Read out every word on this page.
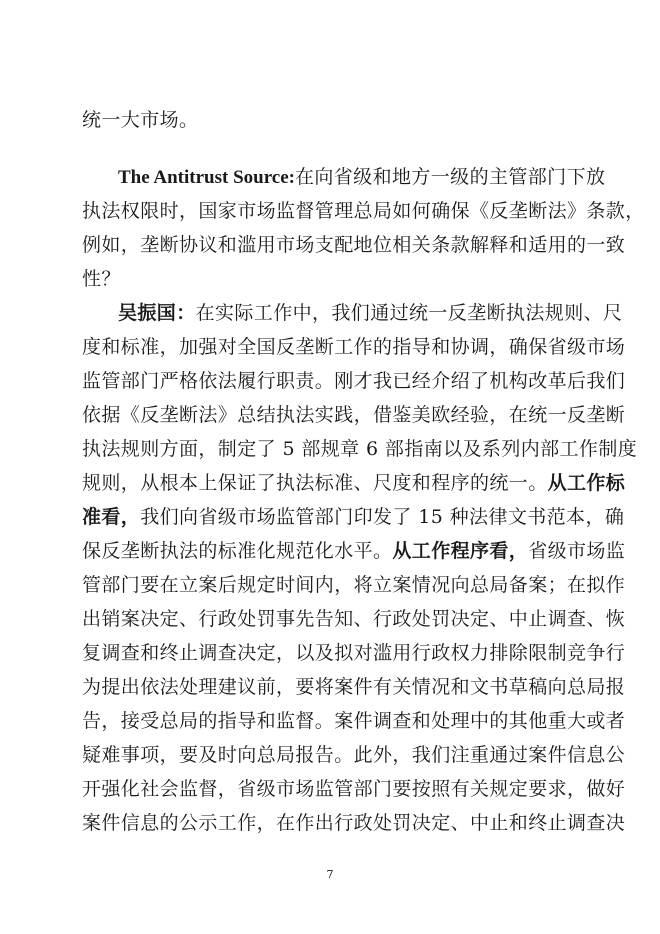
统一大市场。
The Antitrust Source:在向省级和地方一级的主管部门下放
执法权限时，国家市场监督管理总局如何确保《反垄断法》条款，
例如，垄断协议和滥用市场支配地位相关条款解释和适用的一致
性？
吴振国：在实际工作中，我们通过统一反垄断执法规则、尺
度和标准，加强对全国反垄断工作的指导和协调，确保省级市场
监管部门严格依法履行职责。刚才我已经介绍了机构改革后我们
依据《反垄断法》总结执法实践，借鉴美欧经验，在统一反垄断
执法规则方面，制定了 5 部规章 6 部指南以及系列内部工作制度
规则，从根本上保证了执法标准、尺度和程序的统一。从工作标
准看，我们向省级市场监管部门印发了 15 种法律文书范本，确
保反垄断执法的标准化规范化水平。从工作程序看，省级市场监
管部门要在立案后规定时间内，将立案情况向总局备案；在拟作
出销案决定、行政处罚事先告知、行政处罚决定、中止调查、恢
复调查和终止调查决定，以及拟对滥用行政权力排除限制竞争行
为提出依法处理建议前，要将案件有关情况和文书草稿向总局报
告，接受总局的指导和监督。案件调查和处理中的其他重大或者
疑难事项，要及时向总局报告。此外，我们注重通过案件信息公
开强化社会监督，省级市场监管部门要按照有关规定要求，做好
案件信息的公示工作，在作出行政处罚决定、中止和终止调查决
7
